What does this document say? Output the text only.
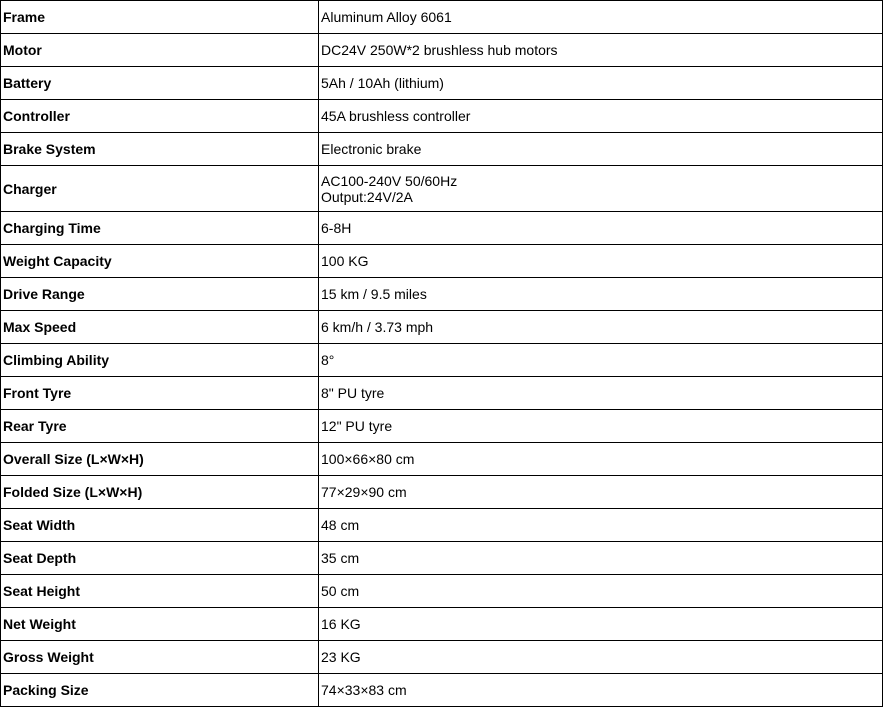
Frame	Aluminum Alloy 6061
Motor	DC24V 250W*2 brushless hub motors
Battery	5Ah / 10Ah (lithium)
Controller	45A brushless controller
Brake System	Electronic brake
Charger	AC100-240V 50/60Hz
Output:24V/2A

Charging Time	6-8H
Weight Capacity	100 KG
Drive Range	15 km / 9.5 miles
Max Speed	6 km/h / 3.73 mph
Climbing Ability	8°
Front Tyre	8" PU tyre
Rear Tyre	12" PU tyre
Overall Size (L×W×H)	100×66×80 cm
Folded Size (L×W×H)	77×29×90 cm
Seat Width	48 cm
Seat Depth	35 cm
Seat Height	50 cm
Net Weight	16 KG
Gross Weight	23 KG
Packing Size	74×33×83 cm
